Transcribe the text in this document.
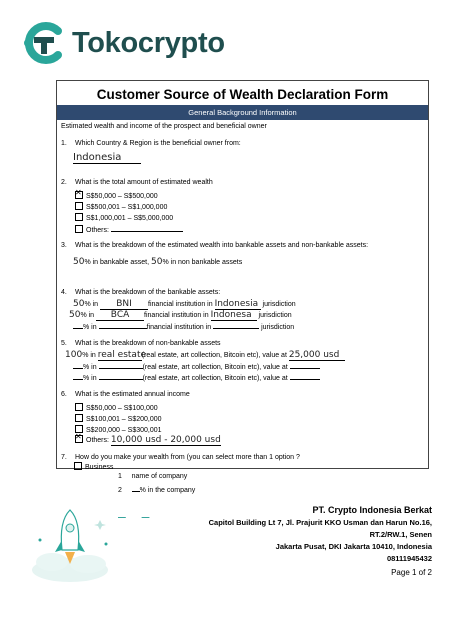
Tokocrypto
Customer Source of Wealth Declaration Form
General Background Information
Estimated wealth and income of the prospect and beneficial owner
1. Which Country & Region is the beneficial owner from:
Indonesia
2. What is the total amount of estimated wealth
✕S$50,000 – S$500,000
S$500,001 – S$1,000,000
S$1,000,001 – S$5,000,000
Others:
3. What is the breakdown of the estimated wealth into bankable assets and non-bankable assets:
50% in bankable asset, 50% in non bankable assets
4. What is the breakdown of the bankable assets:
50% in BNI financial institution in Indonesia jurisdiction
50% in BCA financial institution in Indonesa jurisdiction
% in	financial institution in	jurisdiction
5. What is the breakdown of non-bankable assets
100% in real estate(real estate, art collection, Bitcoin etc), value at 25,000 usd
% in	(real estate, art collection, Bitcoin etc), value at
% in	(real estate, art collection, Bitcoin etc), value at
6. What is the estimated annual income
S$50,000 – S$100,000
S$100,001 – S$200,000
S$200,000 – S$300,001
✕Others: 10,000 usd - 20,000 usd
7. How do you make your wealth from (you can select more than 1 option ?
Business
1 name of company
2	% in the company
– –	PT. Crypto Indonesia Berkat
Capitol Building Lt 7, Jl. Prajurit KKO Usman dan Harun No.16,
RT.2/RW.1, Senen
Jakarta Pusat, DKI Jakarta 10410, Indonesia
08111945432
Page 1 of 2
